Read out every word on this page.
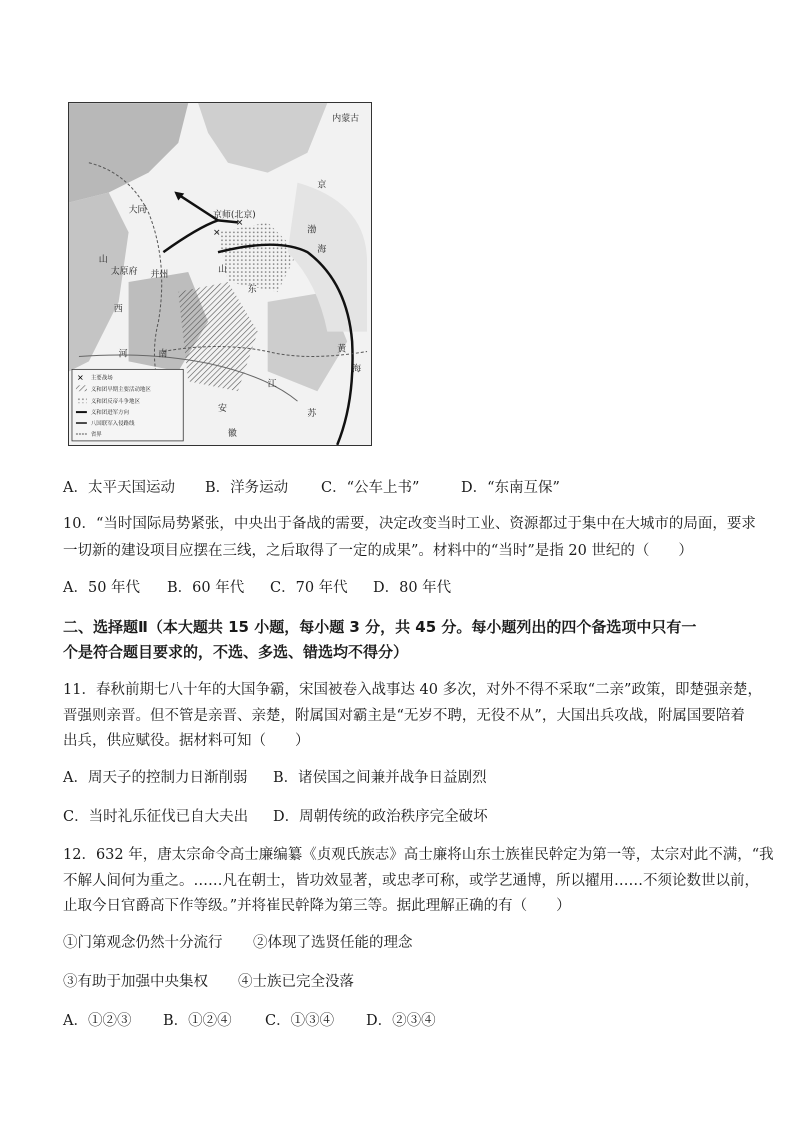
✕
✕
内蒙古
大同	京师(北京)
太原府 并州
河	南
山
西
江
苏
安
徽
京
渤
海
东
山
黄
海
✕ 主要战场
义和团早期主要活动地区
义和团反帝斗争地区
义和团进军方向
八国联军入侵路线
省界
A．太平天国运动 B．洋务运动 C．“公车上书”	D．“东南互保”
10．“当时国际局势紧张，中央出于备战的需要，决定改变当时工业、资源都过于集中在大城市的局面，要求
一切新的建设项目应摆在三线，之后取得了一定的成果”。材料中的“当时”是指 20 世纪的（　　）
A．50 年代 B．60 年代 C．70 年代 D．80 年代
二、选择题Ⅱ（本大题共 15 小题，每小题 3 分，共 45 分。每小题列出的四个备选项中只有一
个是符合题目要求的，不选、多选、错选均不得分）
11．春秋前期七八十年的大国争霸，宋国被卷入战事达 40 多次，对外不得不采取“二亲”政策，即楚强亲楚，
晋强则亲晋。但不管是亲晋、亲楚，附属国对霸主是“无岁不聘，无役不从”，大国出兵攻战，附属国要陪着
出兵，供应赋役。据材料可知（　　）
A．周天子的控制力日渐削弱 B．诸侯国之间兼并战争日益剧烈
C．当时礼乐征伐已自大夫出 D．周朝传统的政治秩序完全破坏
12．632 年，唐太宗命令高士廉编纂《贞观氏族志》高士廉将山东士族崔民幹定为第一等，太宗对此不满，“我
不解人间何为重之。……凡在朝士，皆功效显著，或忠孝可称，或学艺通博，所以擢用……不须论数世以前，
止取今日官爵高下作等级。”并将崔民幹降为第三等。据此理解正确的有（　　）
①门第观念仍然十分流行 ②体现了选贤任能的理念
③有助于加强中央集权 ④士族已完全没落
A．①②③ B．①②④ C．①③④ D．②③④
